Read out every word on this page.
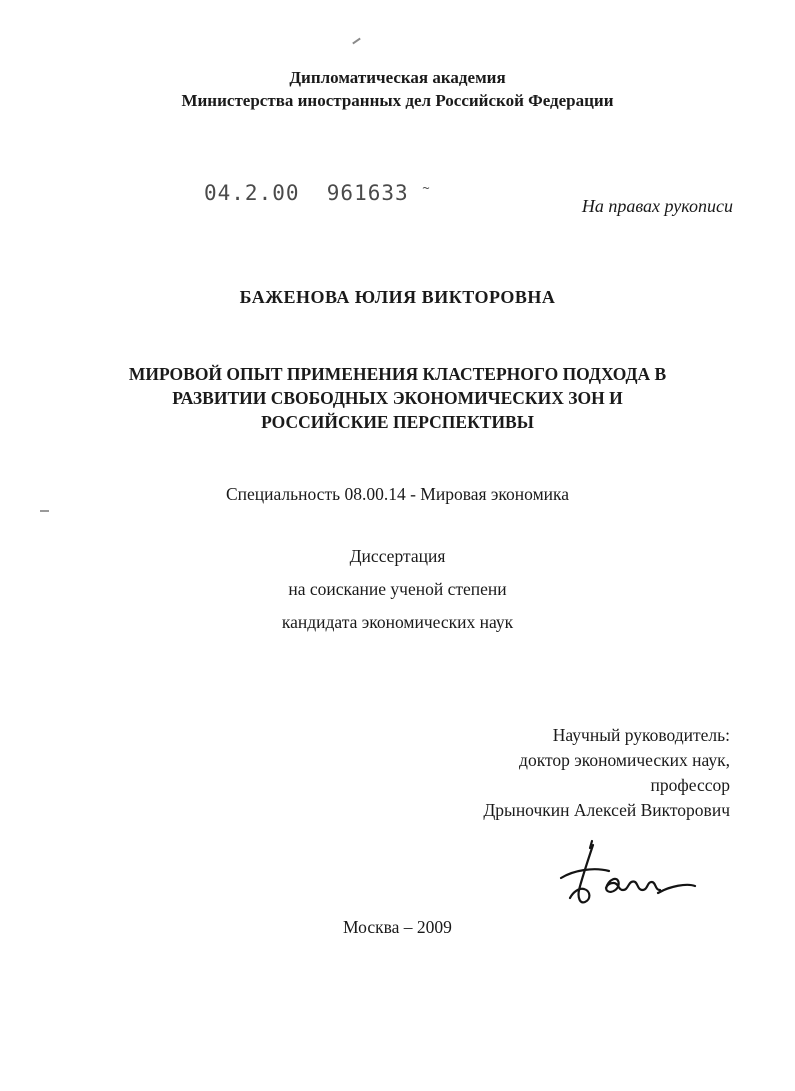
Дипломатическая академия
Министерства иностранных дел Российской Федерации
04.2.00  961633 ~
На правах рукописи
БАЖЕНОВА ЮЛИЯ ВИКТОРОВНА
МИРОВОЙ ОПЫТ ПРИМЕНЕНИЯ КЛАСТЕРНОГО ПОДХОДА В
РАЗВИТИИ СВОБОДНЫХ ЭКОНОМИЧЕСКИХ ЗОН И
РОССИЙСКИЕ ПЕРСПЕКТИВЫ
Специальность 08.00.14 - Мировая экономика
Диссертация
на соискание ученой степени
кандидата экономических наук
Научный руководитель:
доктор экономических наук,
профессор
Дрыночкин Алексей Викторович
Москва – 2009
